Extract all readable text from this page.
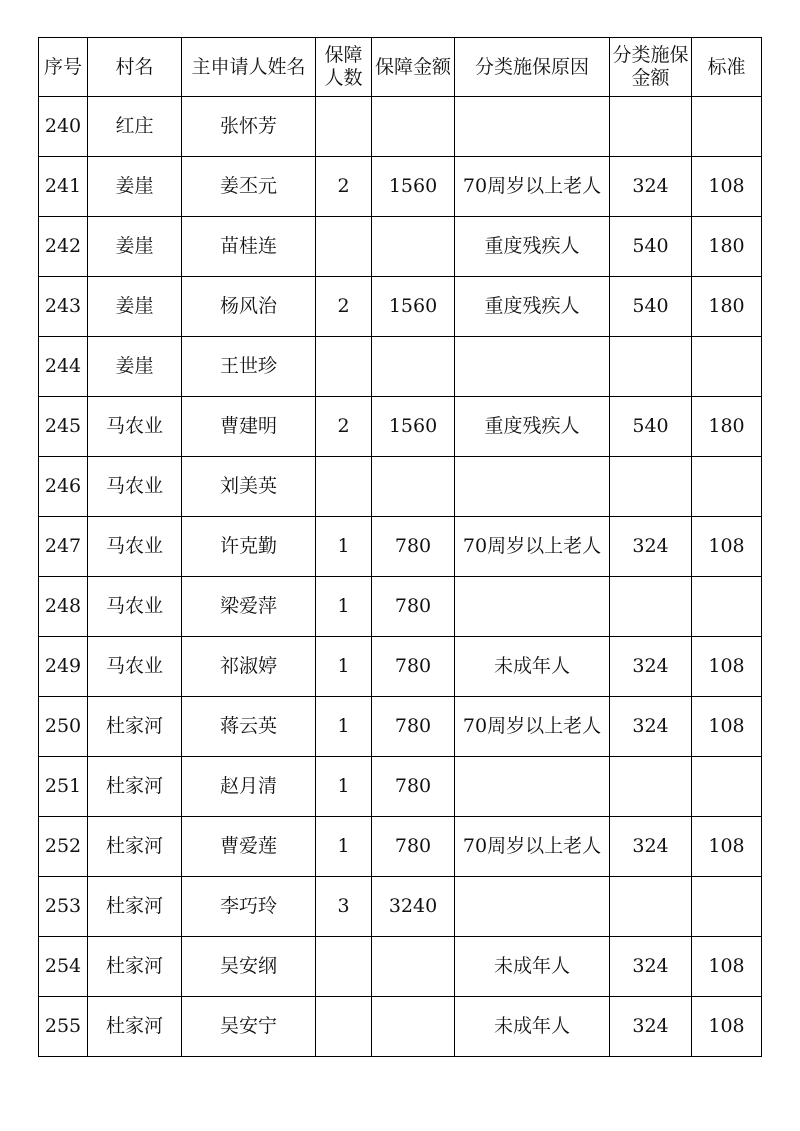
序号	村名	主申请人姓名	保障人数	保障金额	分类施保原因	分类施保金额	标准
240	红庄	张怀芳					
241	姜崖	姜丕元	2	1560	70周岁以上老人	324	108
242	姜崖	苗桂连			重度残疾人	540	180
243	姜崖	杨风治	2	1560	重度残疾人	540	180
244	姜崖	王世珍					
245	马农业	曹建明	2	1560	重度残疾人	540	180
246	马农业	刘美英					
247	马农业	许克勤	1	780	70周岁以上老人	324	108
248	马农业	梁爱萍	1	780			
249	马农业	祁淑婷	1	780	未成年人	324	108
250	杜家河	蒋云英	1	780	70周岁以上老人	324	108
251	杜家河	赵月清	1	780			
252	杜家河	曹爱莲	1	780	70周岁以上老人	324	108
253	杜家河	李巧玲	3	3240			
254	杜家河	吴安纲			未成年人	324	108
255	杜家河	吴安宁			未成年人	324	108
